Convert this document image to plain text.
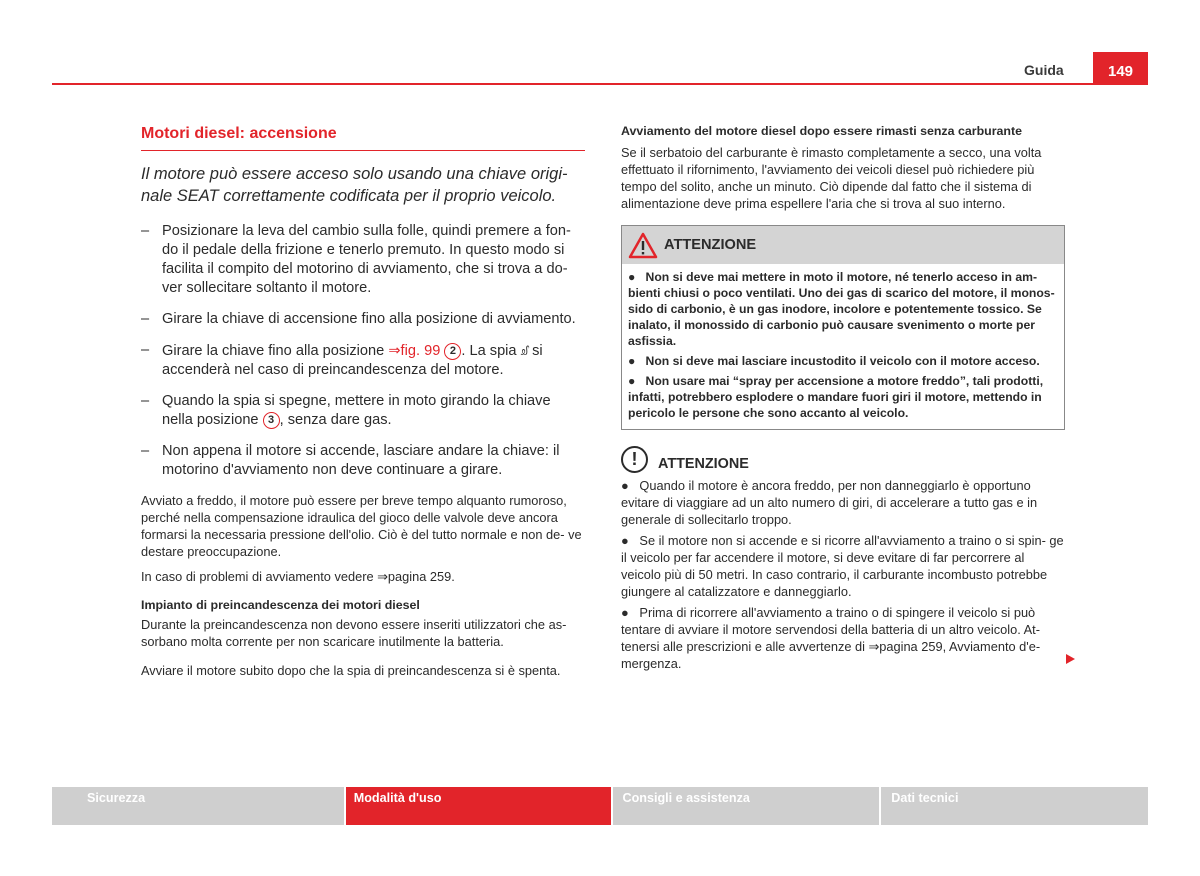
Guida	149
Motori diesel: accensione
Il motore può essere acceso solo usando una chiave origi-
nale SEAT correttamente codificata per il proprio veicolo.
– Posizionare la leva del cambio sulla folle, quindi premere a fon- do il pedale della frizione e tenerlo premuto. In questo modo si facilita il compito del motorino di avviamento, che si trova a do- ver sollecitare soltanto il motore.
– Girare la chiave di accensione fino alla posizione di avviamento.
– Girare la chiave fino alla posizione ⇒fig. 99 2 . La spia ᦾ si accenderà nel caso di preincandescenza del motore.
– Quando la spia si spegne, mettere in moto girando la chiave nella posizione 3 , senza dare gas.
– Non appena il motore si accende, lasciare andare la chiave: il motorino d'avviamento non deve continuare a girare.

Avviato a freddo, il motore può essere per breve tempo alquanto rumoroso, perché nella compensazione idraulica del gioco delle valvole deve ancora formarsi la necessaria pressione dell'olio. Ciò è del tutto normale e non de- ve destare preoccupazione.

In caso di problemi di avviamento vedere ⇒pagina 259.

Impianto di preincandescenza dei motori diesel

Durante la preincandescenza non devono essere inseriti utilizzatori che as- sorbano molta corrente per non scaricare inutilmente la batteria.

Avviare il motore subito dopo che la spia di preincandescenza si è spenta.

Avviamento del motore diesel dopo essere rimasti senza carburante

Se il serbatoio del carburante è rimasto completamente a secco, una volta effettuato il rifornimento, l'avviamento dei veicoli diesel può richiedere più tempo del solito, anche un minuto. Ciò dipende dal fatto che il sistema di alimentazione deve prima espellere l'aria che si trova al suo interno.

ATTENZIONE

● Non si deve mai mettere in moto il motore, né tenerlo acceso in am- bienti chiusi o poco ventilati. Uno dei gas di scarico del motore, il monos- sido di carbonio, è un gas inodore, incolore e potentemente tossico. Se inalato, il monossido di carbonio può causare svenimento o morte per asfissia.

● Non si deve mai lasciare incustodito il veicolo con il motore acceso.

● Non usare mai “spray per accensione a motore freddo”, tali prodotti, infatti, potrebbero esplodere o mandare fuori giri il motore, mettendo in pericolo le persone che sono accanto al veicolo.

!	ATTENZIONE

● Quando il motore è ancora freddo, per non danneggiarlo è opportuno evitare di viaggiare ad un alto numero di giri, di accelerare a tutto gas e in generale di sollecitarlo troppo.

● Se il motore non si accende e si ricorre all'avviamento a traino o si spin- ge il veicolo per far accendere il motore, si deve evitare di far percorrere al veicolo più di 50 metri. In caso contrario, il carburante incombusto potrebbe giungere al catalizzatore e danneggiarlo.

● Prima di ricorrere all'avviamento a traino o di spingere il veicolo si può tentare di avviare il motore servendosi della batteria di un altro veicolo. At- tenersi alle prescrizioni e alle avvertenze di ⇒pagina 259, Avviamento d'e- mergenza.

Sicurezza	Modalità d'uso	Consigli e assistenza	Dati tecnici
